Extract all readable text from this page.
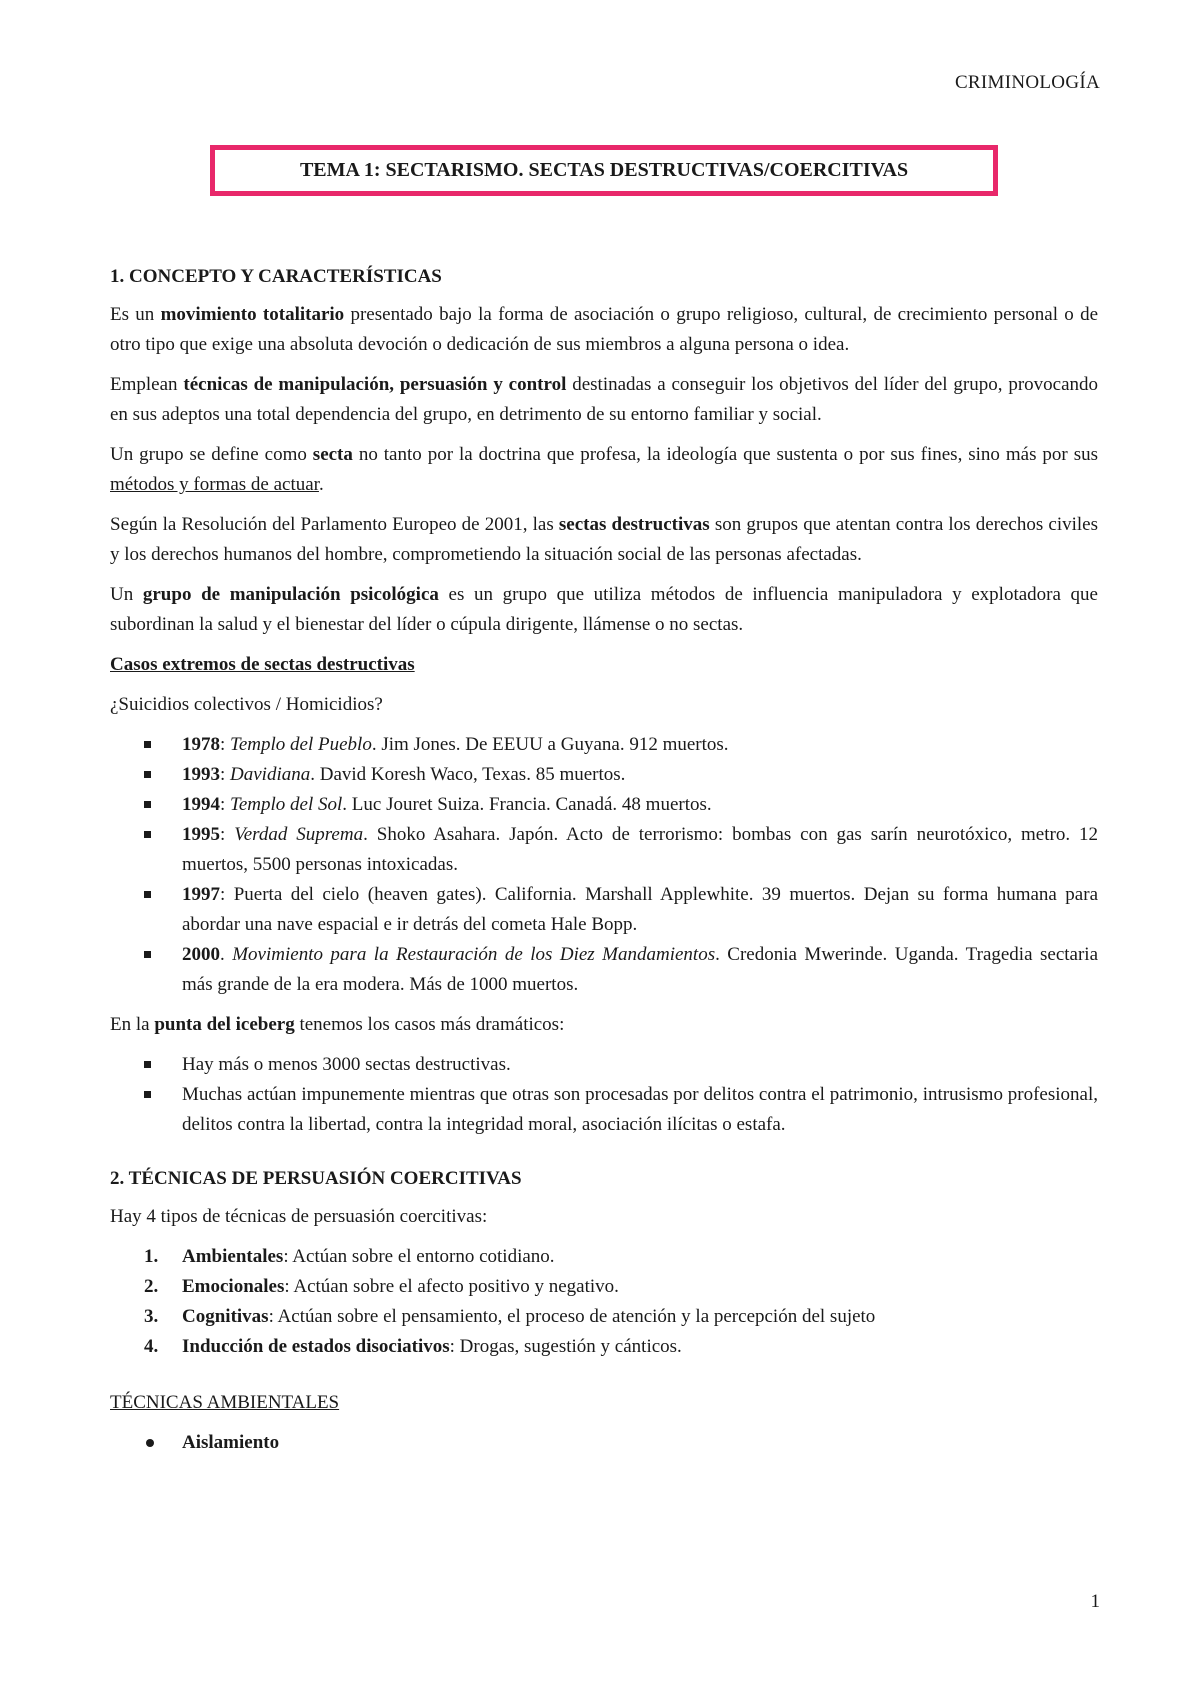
CRIMINOLOGÍA
TEMA 1: SECTARISMO. SECTAS DESTRUCTIVAS/COERCITIVAS
1. CONCEPTO Y CARACTERÍSTICAS

Es un movimiento totalitario presentado bajo la forma de asociación o grupo religioso, cultural, de crecimiento personal o de otro tipo que exige una absoluta devoción o dedicación de sus miembros a alguna persona o idea.

Emplean técnicas de manipulación, persuasión y control destinadas a conseguir los objetivos del líder del grupo, provocando en sus adeptos una total dependencia del grupo, en detrimento de su entorno familiar y social.

Un grupo se define como secta no tanto por la doctrina que profesa, la ideología que sustenta o por sus fines, sino más por sus métodos y formas de actuar.

Según la Resolución del Parlamento Europeo de 2001, las sectas destructivas son grupos que atentan contra los derechos civiles y los derechos humanos del hombre, comprometiendo la situación social de las personas afectadas.

Un grupo de manipulación psicológica es un grupo que utiliza métodos de influencia manipuladora y explotadora que subordinan la salud y el bienestar del líder o cúpula dirigente, llámense o no sectas.

Casos extremos de sectas destructivas

¿Suicidios colectivos / Homicidios?

1978: Templo del Pueblo. Jim Jones. De EEUU a Guyana. 912 muertos.
1993: Davidiana. David Koresh Waco, Texas. 85 muertos.
1994: Templo del Sol. Luc Jouret Suiza. Francia. Canadá. 48 muertos.
1995: Verdad Suprema. Shoko Asahara. Japón. Acto de terrorismo: bombas con gas sarín neurotóxico, metro. 12 muertos, 5500 personas intoxicadas.
1997: Puerta del cielo (heaven gates). California. Marshall Applewhite. 39 muertos. Dejan su forma humana para abordar una nave espacial e ir detrás del cometa Hale Bopp.
2000. Movimiento para la Restauración de los Diez Mandamientos. Credonia Mwerinde. Uganda. Tragedia sectaria más grande de la era modera. Más de 1000 muertos.

En la punta del iceberg tenemos los casos más dramáticos:

Hay más o menos 3000 sectas destructivas.
Muchas actúan impunemente mientras que otras son procesadas por delitos contra el patrimonio, intrusismo profesional, delitos contra la libertad, contra la integridad moral, asociación ilícitas o estafa.
2. TÉCNICAS DE PERSUASIÓN COERCITIVAS

Hay 4 tipos de técnicas de persuasión coercitivas:

1. Ambientales: Actúan sobre el entorno cotidiano.
2. Emocionales: Actúan sobre el afecto positivo y negativo.
3. Cognitivas: Actúan sobre el pensamiento, el proceso de atención y la percepción del sujeto
4. Inducción de estados disociativos: Drogas, sugestión y cánticos.
TÉCNICAS AMBIENTALES
Aislamiento
1
